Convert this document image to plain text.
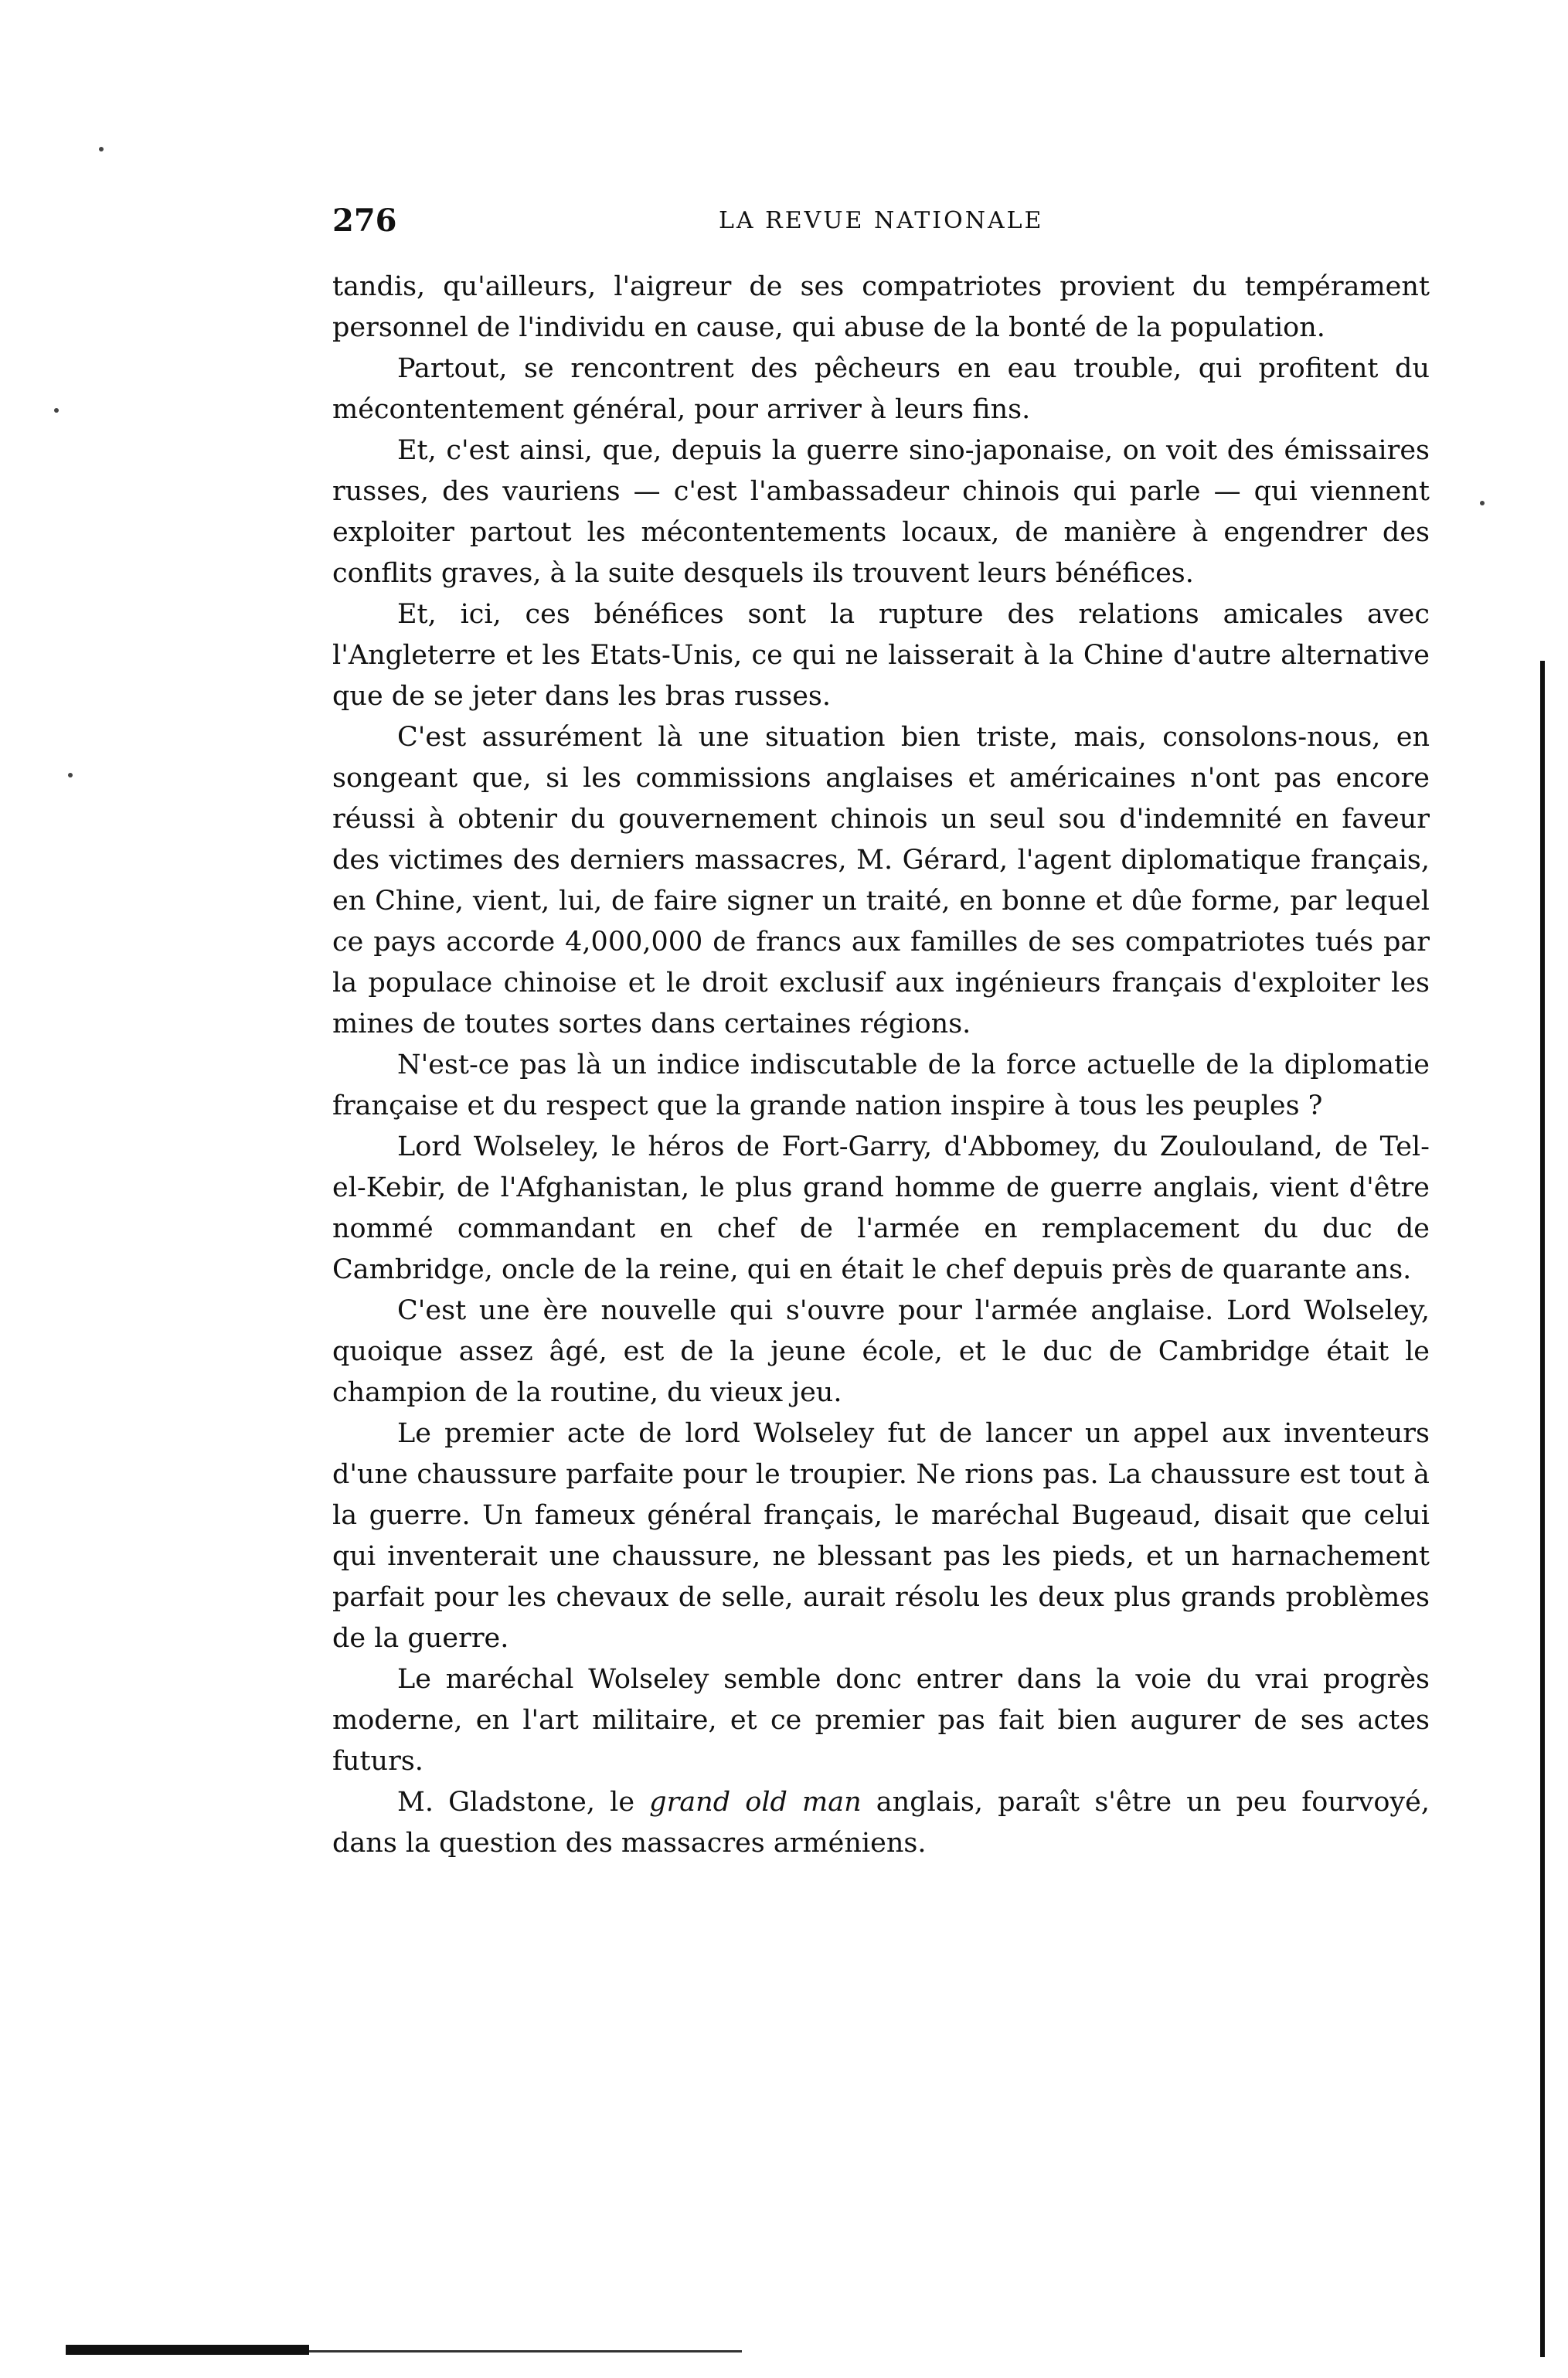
276	LA REVUE NATIONALE

tandis, qu'ailleurs, l'aigreur de ses compatriotes provient du tempérament personnel de l'individu en cause, qui abuse de la bonté de la population.

Partout, se rencontrent des pêcheurs en eau trouble, qui profitent du mécontentement général, pour arriver à leurs fins.

Et, c'est ainsi, que, depuis la guerre sino-japonaise, on voit des émissaires russes, des vauriens — c'est l'ambassadeur chinois qui parle — qui viennent exploiter partout les mécontentements locaux, de manière à engendrer des conflits graves, à la suite desquels ils trouvent leurs bénéfices.

Et, ici, ces bénéfices sont la rupture des relations amicales avec l'Angleterre et les Etats-Unis, ce qui ne laisserait à la Chine d'autre alternative que de se jeter dans les bras russes.

C'est assurément là une situation bien triste, mais, consolons-nous, en songeant que, si les commissions anglaises et américaines n'ont pas encore réussi à obtenir du gouvernement chinois un seul sou d'indemnité en faveur des victimes des derniers massacres, M. Gérard, l'agent diplomatique français, en Chine, vient, lui, de faire signer un traité, en bonne et dûe forme, par lequel ce pays accorde 4,000,000 de francs aux familles de ses compatriotes tués par la populace chinoise et le droit exclusif aux ingénieurs français d'exploiter les mines de toutes sortes dans certaines régions.

N'est-ce pas là un indice indiscutable de la force actuelle de la diplomatie française et du respect que la grande nation inspire à tous les peuples ?

Lord Wolseley, le héros de Fort-Garry, d'Abbomey, du Zoulouland, de Tel-el-Kebir, de l'Afghanistan, le plus grand homme de guerre anglais, vient d'être nommé commandant en chef de l'armée en remplacement du duc de Cambridge, oncle de la reine, qui en était le chef depuis près de quarante ans.

C'est une ère nouvelle qui s'ouvre pour l'armée anglaise. Lord Wolseley, quoique assez âgé, est de la jeune école, et le duc de Cambridge était le champion de la routine, du vieux jeu.

Le premier acte de lord Wolseley fut de lancer un appel aux inventeurs d'une chaussure parfaite pour le troupier. Ne rions pas. La chaussure est tout à la guerre. Un fameux général français, le maréchal Bugeaud, disait que celui qui inventerait une chaussure, ne blessant pas les pieds, et un harnachement parfait pour les chevaux de selle, aurait résolu les deux plus grands problèmes de la guerre.

Le maréchal Wolseley semble donc entrer dans la voie du vrai progrès moderne, en l'art militaire, et ce premier pas fait bien augurer de ses actes futurs.

M. Gladstone, le grand old man anglais, paraît s'être un peu fourvoyé, dans la question des massacres arméniens.
